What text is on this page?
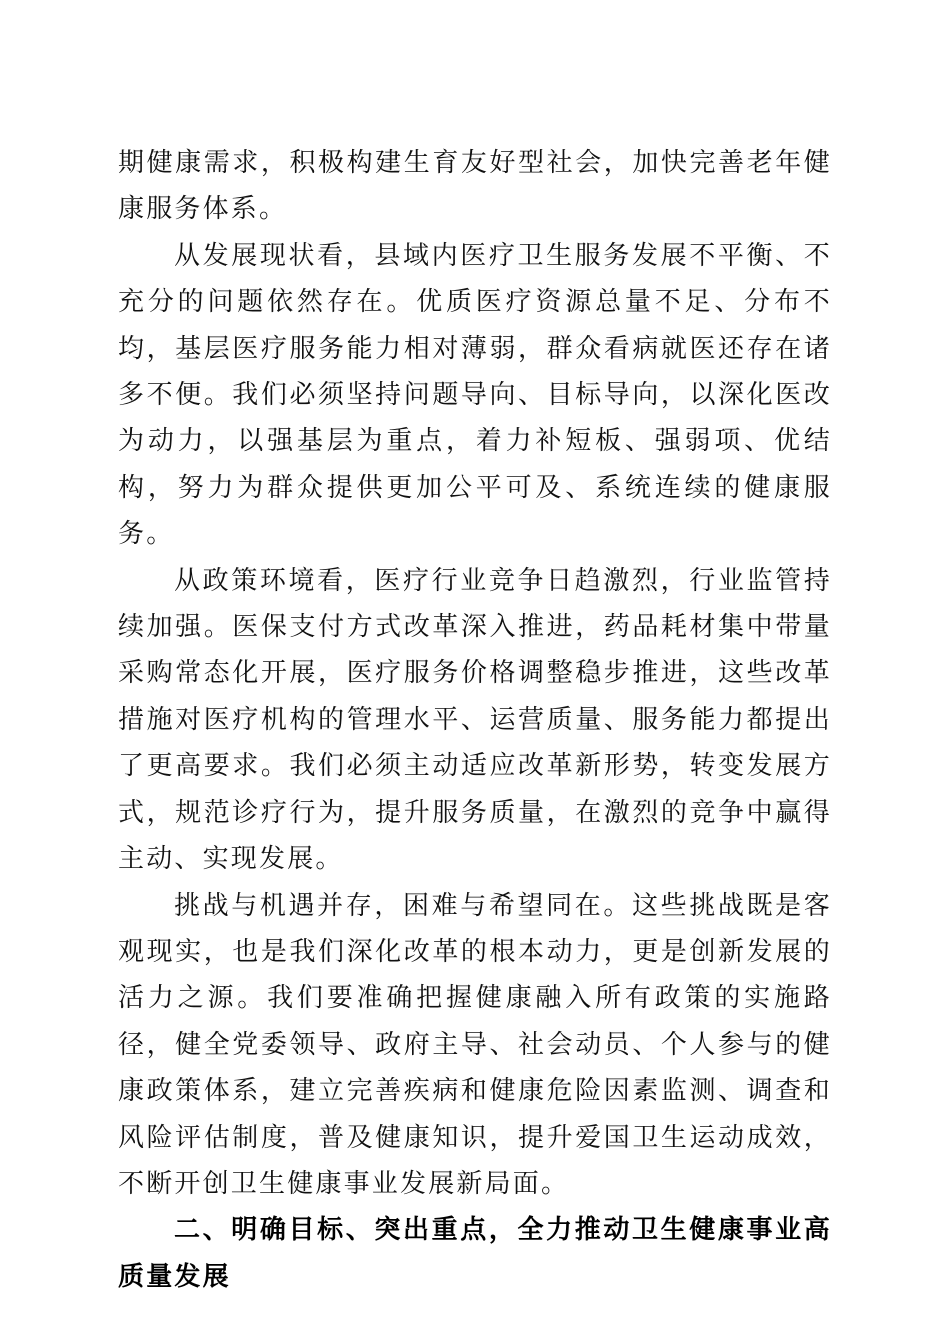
期健康需求，积极构建生育友好型社会，加快完善老年健康服务体系。

从发展现状看，县域内医疗卫生服务发展不平衡、不充分的问题依然存在。优质医疗资源总量不足、分布不均，基层医疗服务能力相对薄弱，群众看病就医还存在诸多不便。我们必须坚持问题导向、目标导向，以深化医改为动力，以强基层为重点，着力补短板、强弱项、优结构，努力为群众提供更加公平可及、系统连续的健康服务。

从政策环境看，医疗行业竞争日趋激烈，行业监管持续加强。医保支付方式改革深入推进，药品耗材集中带量采购常态化开展，医疗服务价格调整稳步推进，这些改革措施对医疗机构的管理水平、运营质量、服务能力都提出了更高要求。我们必须主动适应改革新形势，转变发展方式，规范诊疗行为，提升服务质量，在激烈的竞争中赢得主动、实现发展。

挑战与机遇并存，困难与希望同在。这些挑战既是客观现实，也是我们深化改革的根本动力，更是创新发展的活力之源。我们要准确把握健康融入所有政策的实施路径，健全党委领导、政府主导、社会动员、个人参与的健康政策体系，建立完善疾病和健康危险因素监测、调查和风险评估制度，普及健康知识，提升爱国卫生运动成效，不断开创卫生健康事业发展新局面。

二、明确目标、突出重点，全力推动卫生健康事业高质量发展
